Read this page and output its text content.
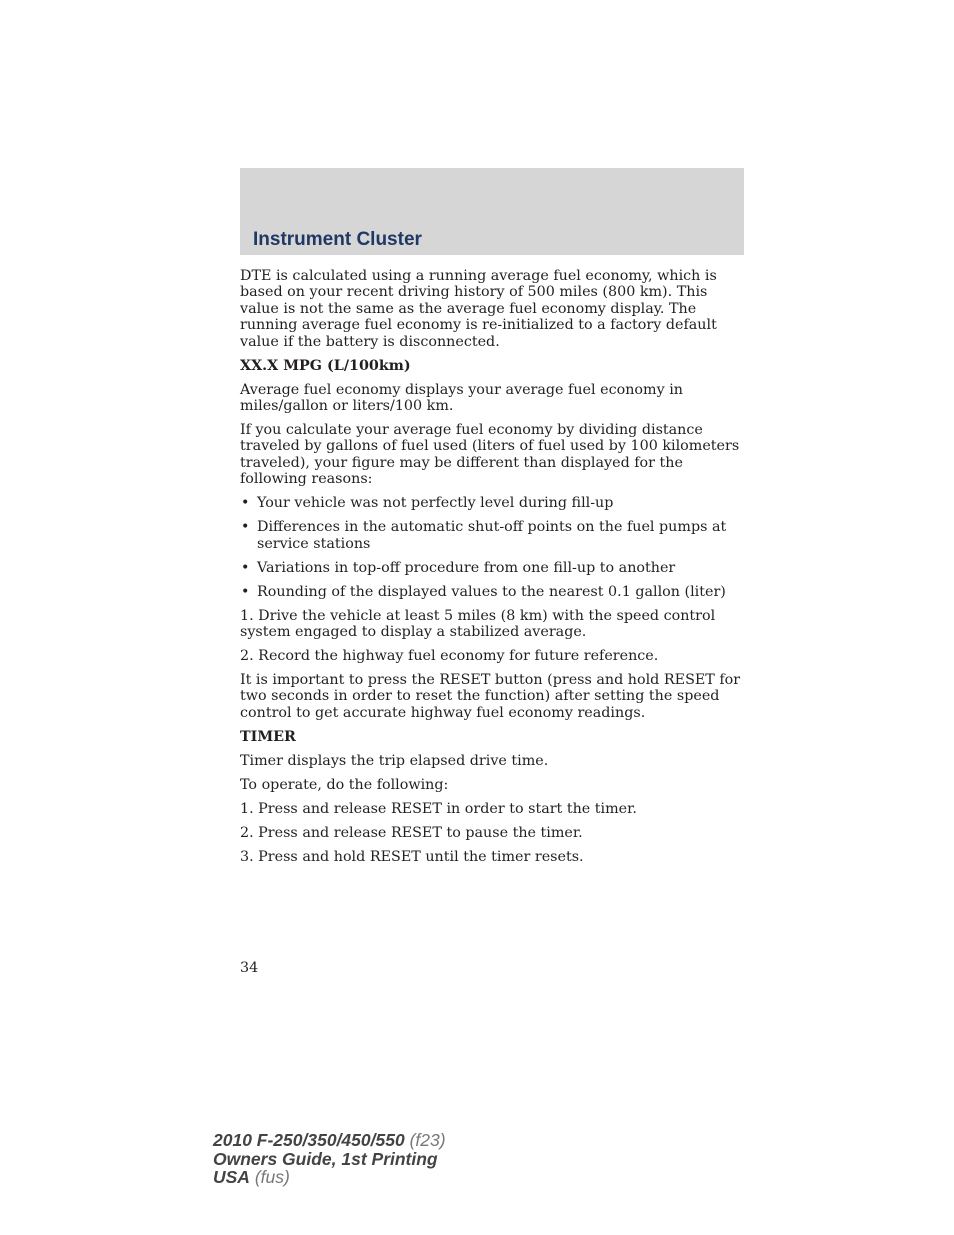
Instrument Cluster

DTE is calculated using a running average fuel economy, which is based on your recent driving history of 500 miles (800 km). This value is not the same as the average fuel economy display. The running average fuel economy is re-initialized to a factory default value if the battery is disconnected.

XX.X MPG (L/100km)

Average fuel economy displays your average fuel economy in miles/gallon or liters/100 km.

If you calculate your average fuel economy by dividing distance traveled by gallons of fuel used (liters of fuel used by 100 kilometers traveled), your figure may be different than displayed for the following reasons:

• Your vehicle was not perfectly level during fill-up
• Differences in the automatic shut-off points on the fuel pumps at service stations
• Variations in top-off procedure from one fill-up to another
• Rounding of the displayed values to the nearest 0.1 gallon (liter)

1. Drive the vehicle at least 5 miles (8 km) with the speed control system engaged to display a stabilized average.

2. Record the highway fuel economy for future reference.

It is important to press the RESET button (press and hold RESET for two seconds in order to reset the function) after setting the speed control to get accurate highway fuel economy readings.

TIMER

Timer displays the trip elapsed drive time.

To operate, do the following:

1. Press and release RESET in order to start the timer.

2. Press and release RESET to pause the timer.

3. Press and hold RESET until the timer resets.

34
2010 F-250/350/450/550 (f23)
Owners Guide, 1st Printing
USA (fus)
